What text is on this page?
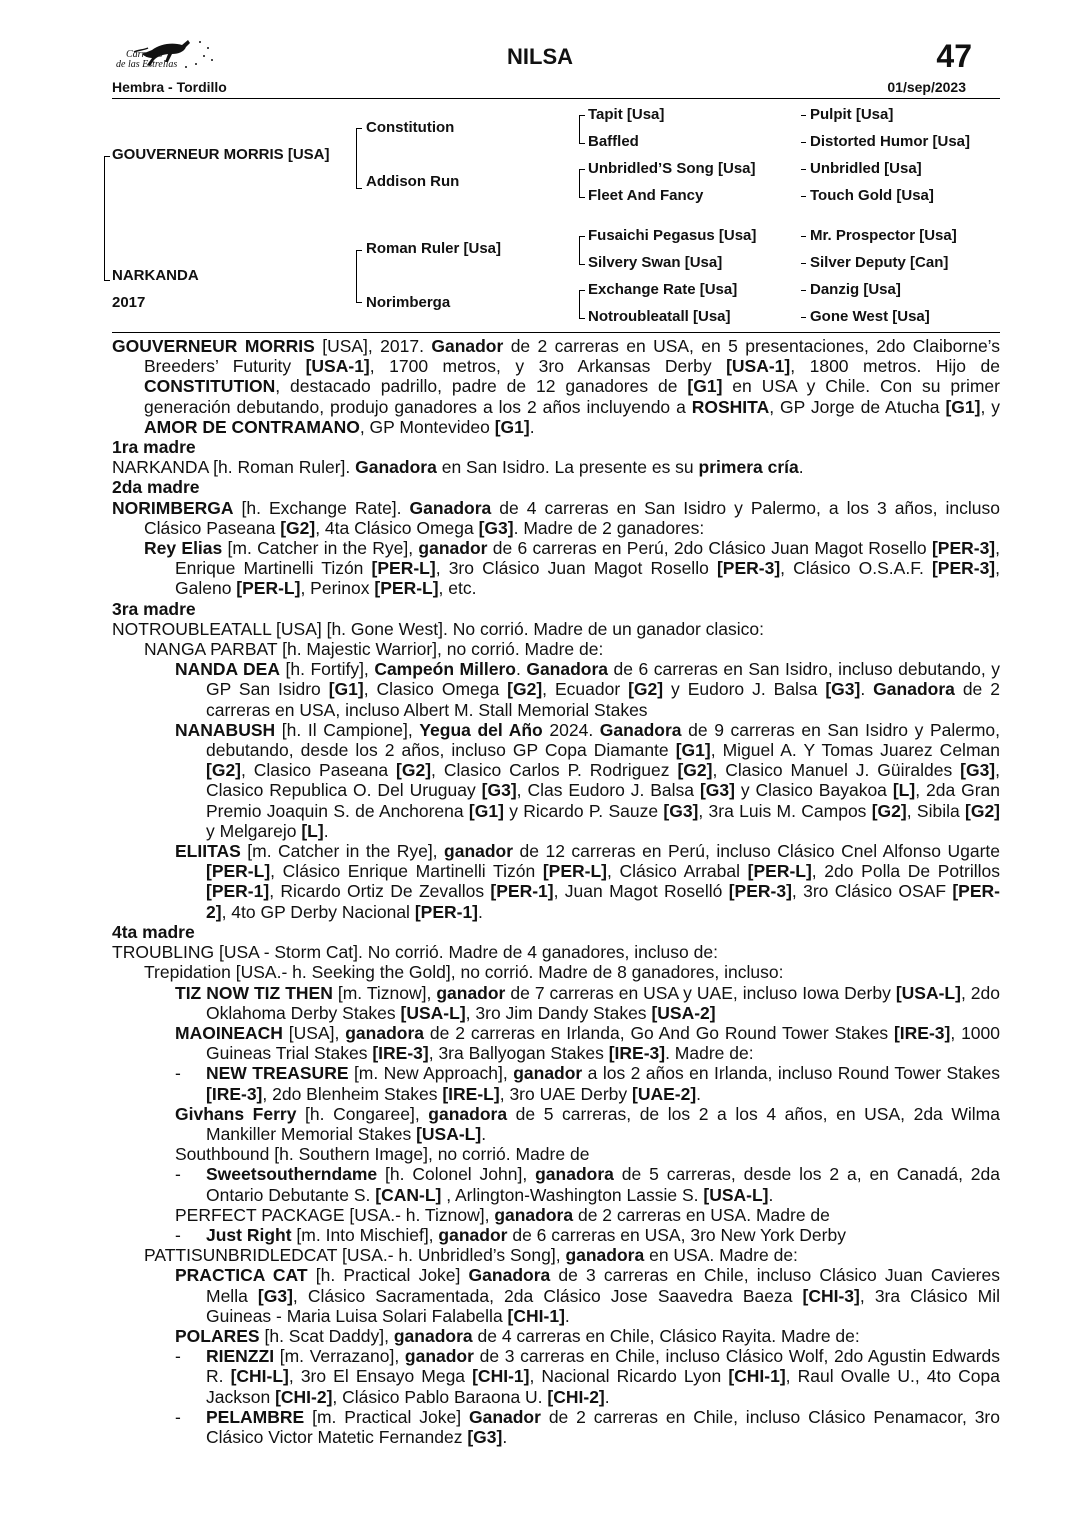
Carreras
de las Estrellas	NILSA	47
Hembra - Tordillo	01/sep/2023
GOUVERNEUR MORRIS [USA]
NARKANDA
2017
Constitution
Addison Run
Roman Ruler [Usa]
Norimberga
Tapit [Usa]
Baffled
Unbridled’S Song [Usa]
Fleet And Fancy
Fusaichi Pegasus [Usa]
Silvery Swan [Usa]
Exchange Rate [Usa]
Notroubleatall [Usa]
Pulpit [Usa]
Distorted Humor [Usa]
Unbridled [Usa]
Touch Gold [Usa]
Mr. Prospector [Usa]
Silver Deputy [Can]
Danzig [Usa]
Gone West [Usa]

GOUVERNEUR MORRIS [USA], 2017. Ganador de 2 carreras en USA, en 5 presentaciones, 2do Claiborne’s Breeders’ Futurity [USA-1], 1700 metros, y 3ro Arkansas Derby [USA-1], 1800 metros. Hijo de CONSTITUTION, destacado padrillo, padre de 12 ganadores de [G1] en USA y Chile. Con su primer generación debutando, produjo ganadores a los 2 años incluyendo a ROSHITA, GP Jorge de Atucha [G1], y AMOR DE CONTRAMANO, GP Montevideo [G1].

1ra madre

NARKANDA [h. Roman Ruler]. Ganadora en San Isidro. La presente es su primera cría.

2da madre

NORIMBERGA [h. Exchange Rate]. Ganadora de 4 carreras en San Isidro y Palermo, a los 3 años, incluso Clásico Paseana [G2], 4ta Clásico Omega [G3]. Madre de 2 ganadores:

Rey Elias [m. Catcher in the Rye], ganador de 6 carreras en Perú, 2do Clásico Juan Magot Rosello [PER-3], Enrique Martinelli Tizón [PER-L], 3ro Clásico Juan Magot Rosello [PER-3], Clásico O.S.A.F. [PER-3], Galeno [PER-L], Perinox [PER-L], etc.

3ra madre

NOTROUBLEATALL [USA] [h. Gone West]. No corrió. Madre de un ganador clasico:

NANGA PARBAT [h. Majestic Warrior], no corrió. Madre de:

NANDA DEA [h. Fortify], Campeón Millero. Ganadora de 6 carreras en San Isidro, incluso debutando, y GP San Isidro [G1], Clasico Omega [G2], Ecuador [G2] y Eudoro J. Balsa [G3]. Ganadora de 2 carreras en USA, incluso Albert M. Stall Memorial Stakes

NANABUSH [h. Il Campione], Yegua del Año 2024. Ganadora de 9 carreras en San Isidro y Palermo, debutando, desde los 2 años, incluso GP Copa Diamante [G1], Miguel A. Y Tomas Juarez Celman [G2], Clasico Paseana [G2], Clasico Carlos P. Rodriguez [G2], Clasico Manuel J. Güiraldes [G3], Clasico Republica O. Del Uruguay [G3], Clas Eudoro J. Balsa [G3] y Clasico Bayakoa [L], 2da Gran Premio Joaquin S. de Anchorena [G1] y Ricardo P. Sauze [G3], 3ra Luis M. Campos [G2], Sibila [G2] y Melgarejo [L].

ELIITAS [m. Catcher in the Rye], ganador de 12 carreras en Perú, incluso Clásico Cnel Alfonso Ugarte [PER-L], Clásico Enrique Martinelli Tizón [PER-L], Clásico Arrabal [PER-L], 2do Polla De Potrillos [PER-1], Ricardo Ortiz De Zevallos [PER-1], Juan Magot Roselló [PER-3], 3ro Clásico OSAF [PER-2], 4to GP Derby Nacional [PER-1].

4ta madre

TROUBLING [USA - Storm Cat]. No corrió. Madre de 4 ganadores, incluso de:

Trepidation [USA.- h. Seeking the Gold], no corrió. Madre de 8 ganadores, incluso:

TIZ NOW TIZ THEN [m. Tiznow], ganador de 7 carreras en USA y UAE, incluso Iowa Derby [USA-L], 2do Oklahoma Derby Stakes [USA-L], 3ro Jim Dandy Stakes [USA-2]

MAOINEACH [USA], ganadora de 2 carreras en Irlanda, Go And Go Round Tower Stakes [IRE-3], 1000 Guineas Trial Stakes [IRE-3], 3ra Ballyogan Stakes [IRE-3]. Madre de:

- NEW TREASURE [m. New Approach], ganador a los 2 años en Irlanda, incluso Round Tower Stakes [IRE-3], 2do Blenheim Stakes [IRE-L], 3ro UAE Derby [UAE-2].

Givhans Ferry [h. Congaree], ganadora de 5 carreras, de los 2 a los 4 años, en USA, 2da Wilma Mankiller Memorial Stakes [USA-L].

Southbound [h. Southern Image], no corrió. Madre de

- Sweetsoutherndame [h. Colonel John], ganadora de 5 carreras, desde los 2 a, en Canadá, 2da Ontario Debutante S. [CAN-L] , Arlington-Washington Lassie S. [USA-L].

PERFECT PACKAGE [USA.- h. Tiznow], ganadora de 2 carreras en USA. Madre de

- Just Right [m. Into Mischief], ganador de 6 carreras en USA, 3ro New York Derby

PATTISUNBRIDLEDCAT [USA.- h. Unbridled’s Song], ganadora en USA. Madre de:

PRACTICA CAT [h. Practical Joke] Ganadora de 3 carreras en Chile, incluso Clásico Juan Cavieres Mella [G3], Clásico Sacramentada, 2da Clásico Jose Saavedra Baeza [CHI-3], 3ra Clásico Mil Guineas - Maria Luisa Solari Falabella [CHI-1].

POLARES [h. Scat Daddy], ganadora de 4 carreras en Chile, Clásico Rayita. Madre de:

- RIENZZI [m. Verrazano], ganador de 3 carreras en Chile, incluso Clásico Wolf, 2do Agustin Edwards R. [CHI-L], 3ro El Ensayo Mega [CHI-1], Nacional Ricardo Lyon [CHI-1], Raul Ovalle U., 4to Copa Jackson [CHI-2], Clásico Pablo Baraona U. [CHI-2].

- PELAMBRE [m. Practical Joke] Ganador de 2 carreras en Chile, incluso Clásico Penamacor, 3ro Clásico Victor Matetic Fernandez [G3].
